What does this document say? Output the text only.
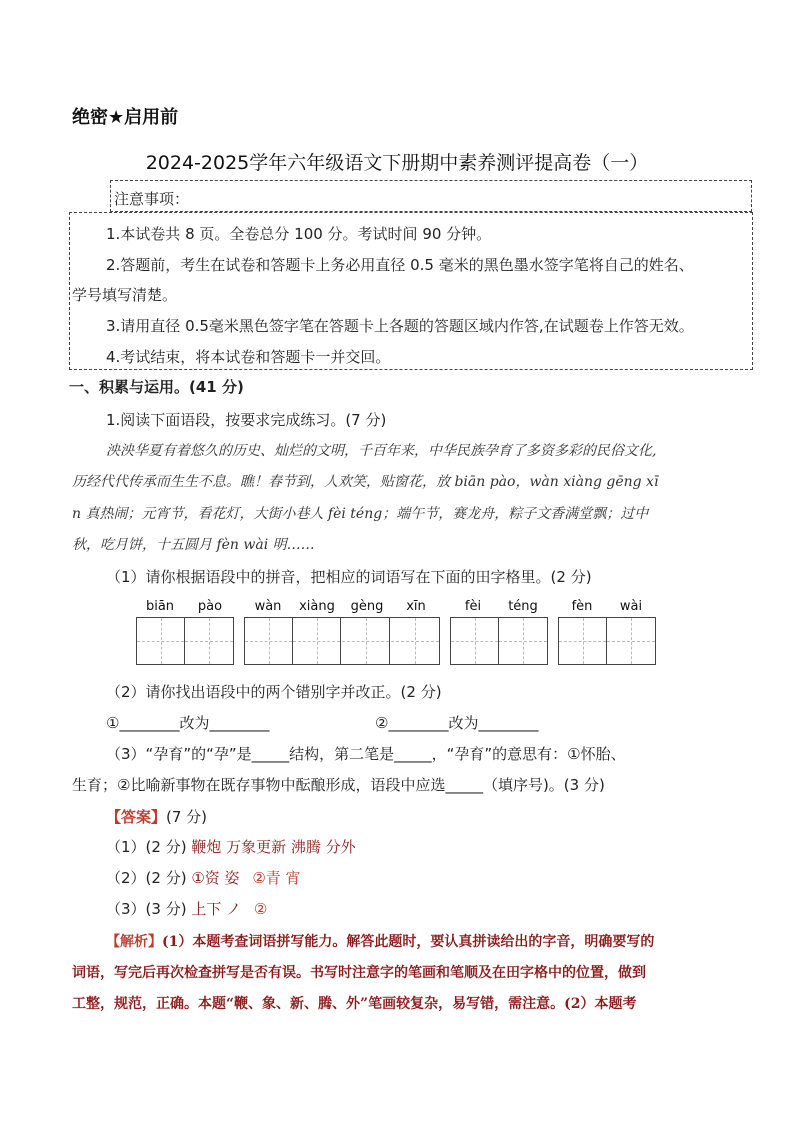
绝密★启用前
2024-2025学年六年级语文下册期中素养测评提高卷（一）
注意事项：
1.本试卷共 8 页。全卷总分 100 分。考试时间 90 分钟。
2.答题前，考生在试卷和答题卡上务必用直径 0.5 毫米的黑色墨水签字笔将自己的姓名、
学号填写清楚。
3.请用直径 0.5毫米黑色签字笔在答题卡上各题的答题区域内作答,在试题卷上作答无效。
4.考试结束，将本试卷和答题卡一并交回。
一、积累与运用。(41 分)
1.阅读下面语段，按要求完成练习。(7 分)
泱泱华夏有着悠久的历史、灿烂的文明，千百年来，中华民族孕育了多资多彩的民俗文化,
历经代代传承而生生不息。瞧！春节到，人欢笑，贴窗花，放 biān pào，wàn xiàng gēng xī
n 真热闹；元宵节，看花灯，大街小巷人 fèi téng；端午节，赛龙舟，粽子文香满堂飘；过中
秋，吃月饼，十五圆月 fèn wài 明……
（1）请你根据语段中的拼音，把相应的词语写在下面的田字格里。(2 分)
biān	pào	wàn	xiàng	gèng	xīn	fèi	téng	fèn	wài
（2）请你找出语段中的两个错别字并改正。(2 分)
①________改为________	②________改为________
（3）“孕育”的“孕”是_____结构，第二笔是_____，“孕育”的意思有：①怀胎、
生育；②比喻新事物在既存事物中酝酿形成，语段中应选_____（填序号)。(3 分)
【答案】(7 分)
（1）(2 分) 鞭炮 万象更新 沸腾 分外
（2）(2 分) ①资 姿 ②青 宵
（3）(3 分) 上下 ノ ②
【解析】(1）本题考查词语拼写能力。解答此题时，要认真拼读给出的字音，明确要写的
词语，写完后再次检查拼写是否有误。书写时注意字的笔画和笔顺及在田字格中的位置，做到
工整，规范，正确。本题“鞭、象、新、腾、外”笔画较复杂，易写错，需注意。(2）本题考
